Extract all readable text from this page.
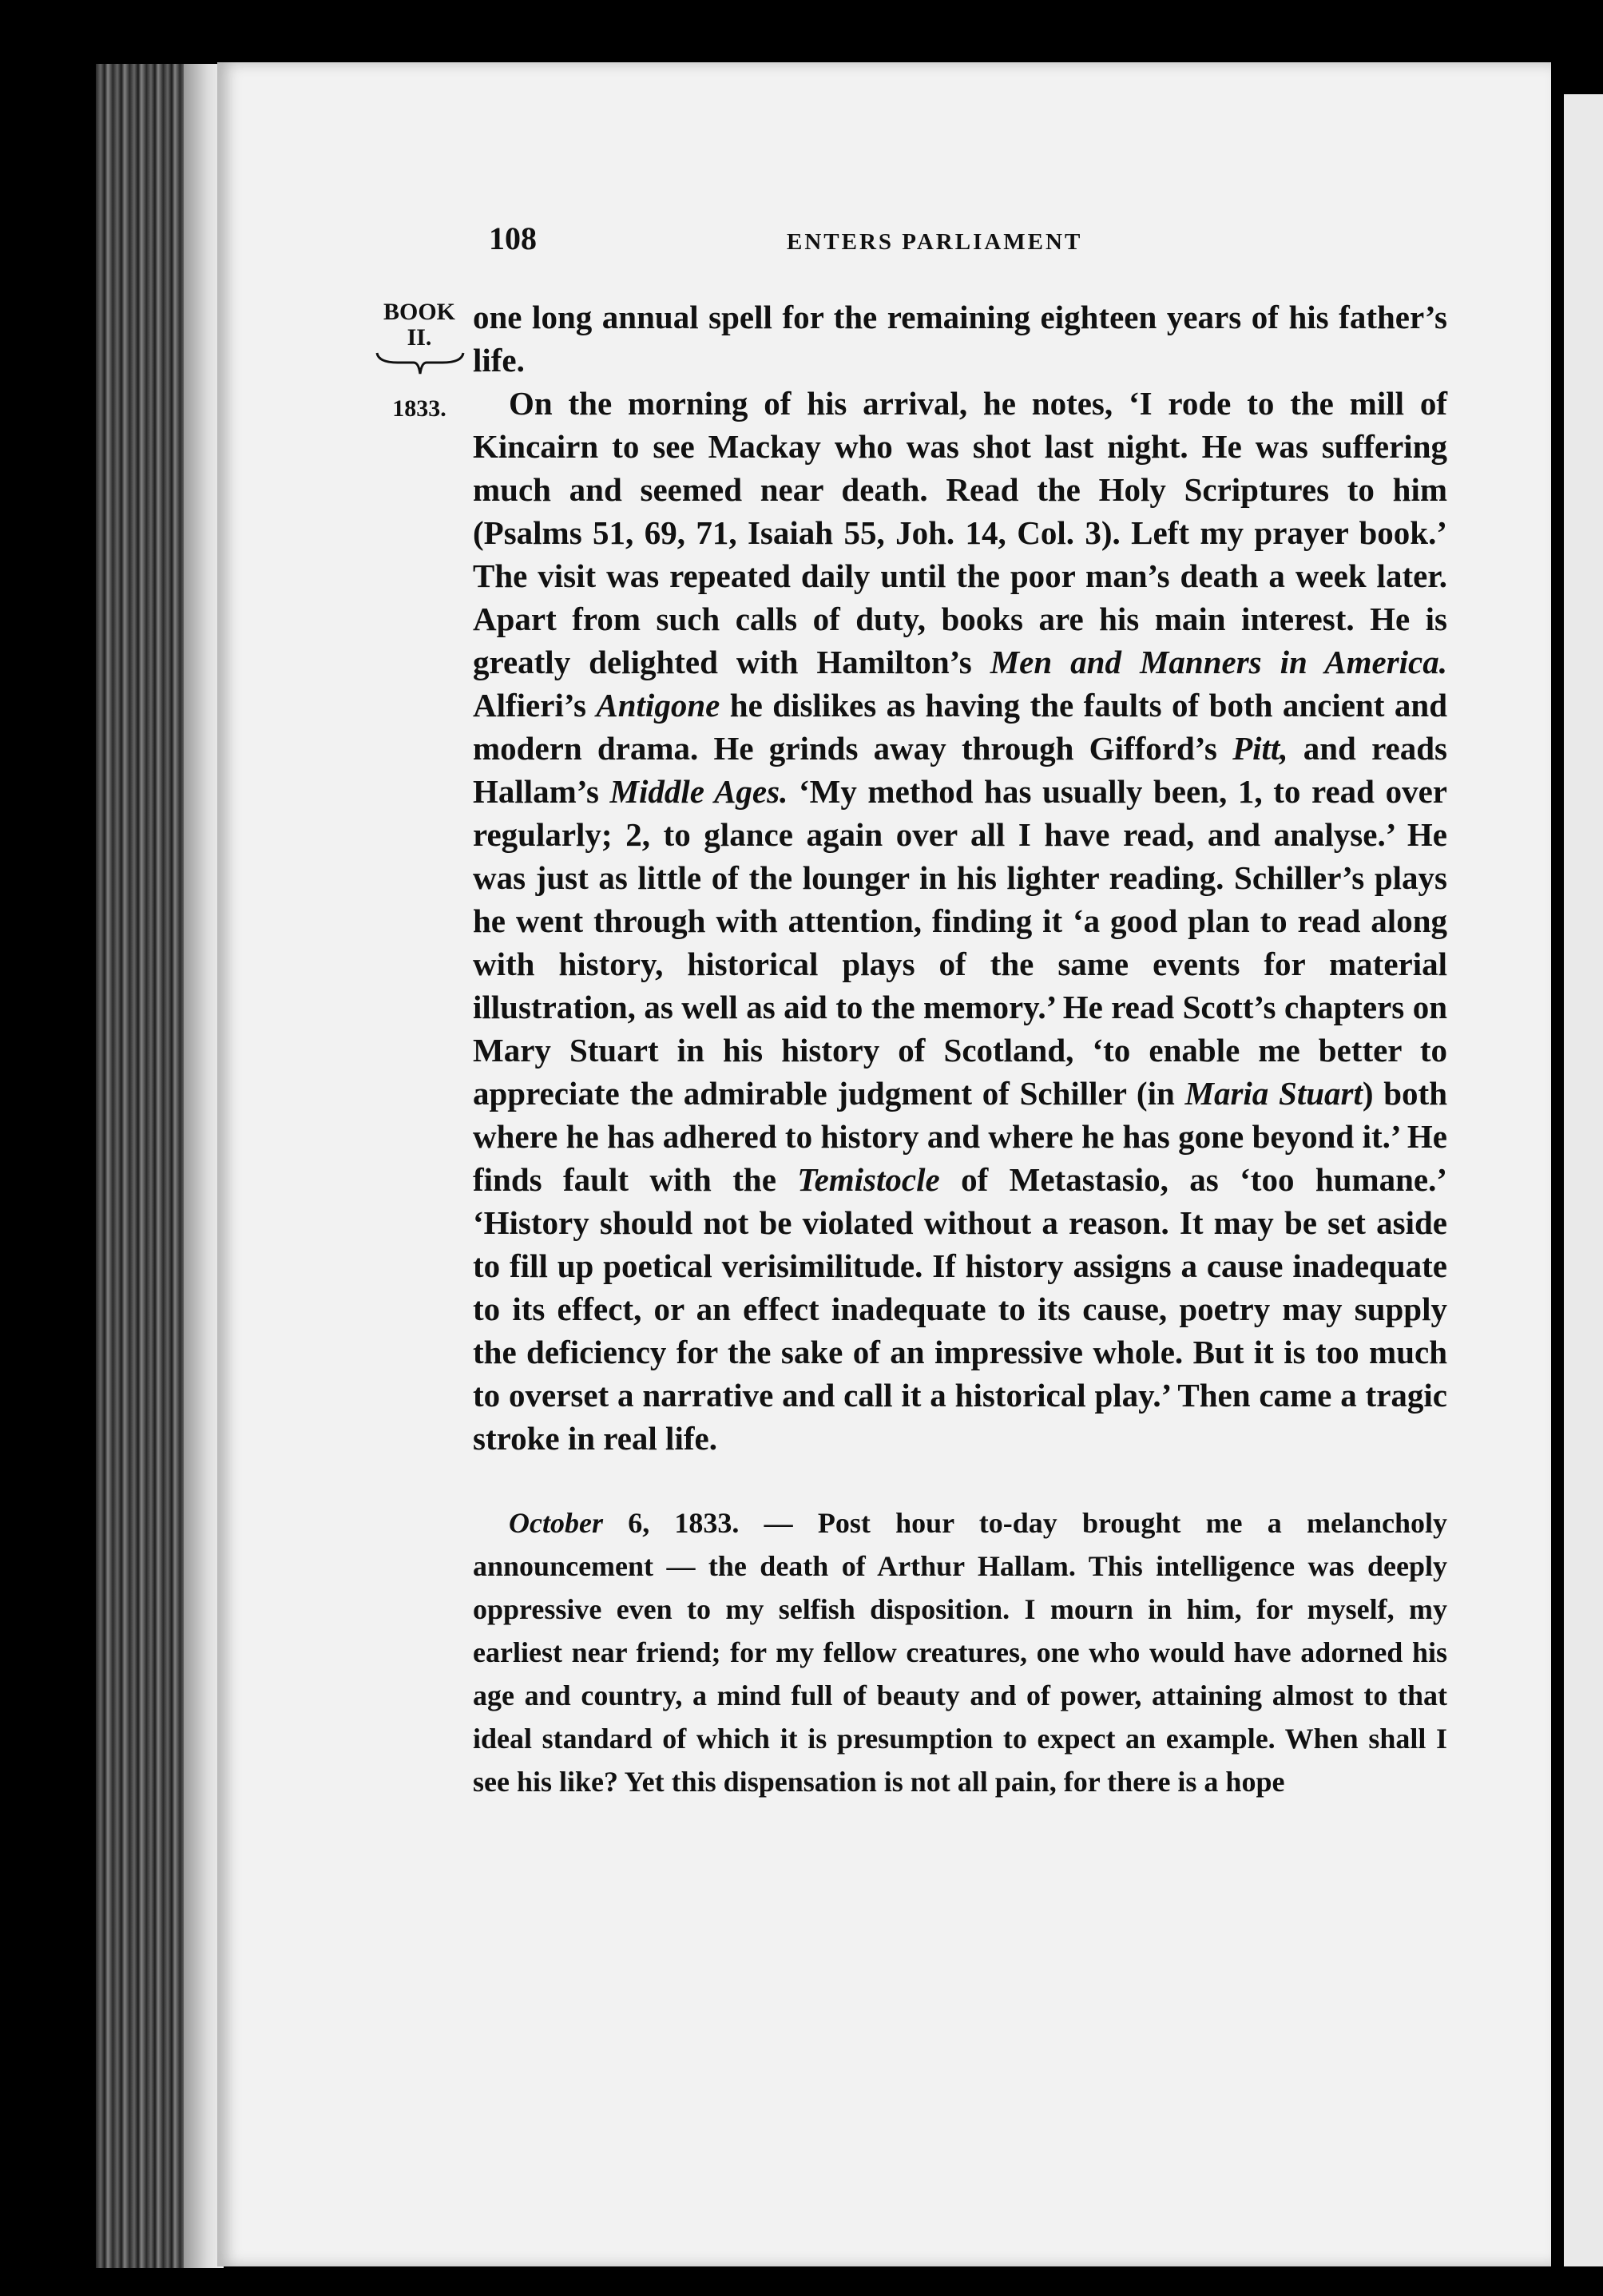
108	ENTERS PARLIAMENT
BOOK
II.
1833.

one long annual spell for the remaining eighteen years of his father’s life.

On the morning of his arrival, he notes, ‘I rode to the mill of Kincairn to see Mackay who was shot last night. He was suffering much and seemed near death. Read the Holy Scriptures to him (Psalms 51, 69, 71, Isaiah 55, Joh. 14, Col. 3). Left my prayer book.’ The visit was repeated daily until the poor man’s death a week later. Apart from such calls of duty, books are his main interest. He is greatly delighted with Hamilton’s Men and Manners in America. Alfieri’s Antigone he dislikes as having the faults of both ancient and modern drama. He grinds away through Gifford’s Pitt, and reads Hallam’s Middle Ages. ‘My method has usually been, 1, to read over regularly; 2, to glance again over all I have read, and analyse.’ He was just as little of the lounger in his lighter reading. Schiller’s plays he went through with attention, finding it ‘a good plan to read along with history, historical plays of the same events for material illustration, as well as aid to the memory.’ He read Scott’s chapters on Mary Stuart in his history of Scotland, ‘to enable me better to appreciate the admirable judgment of Schiller (in Maria Stuart) both where he has adhered to history and where he has gone beyond it.’ He finds fault with the Temistocle of Metastasio, as ‘too humane.’ ‘History should not be violated without a reason. It may be set aside to fill up poetical verisimilitude. If history assigns a cause inadequate to its effect, or an effect inadequate to its cause, poetry may supply the deficiency for the sake of an impressive whole. But it is too much to overset a narrative and call it a historical play.’ Then came a tragic stroke in real life.

October 6, 1833. — Post hour to-day brought me a melancholy announcement — the death of Arthur Hallam. This intelligence was deeply oppressive even to my selfish disposition. I mourn in him, for myself, my earliest near friend; for my fellow creatures, one who would have adorned his age and country, a mind full of beauty and of power, attaining almost to that ideal standard of which it is presumption to expect an example. When shall I see his like? Yet this dispensation is not all pain, for there is a hope
